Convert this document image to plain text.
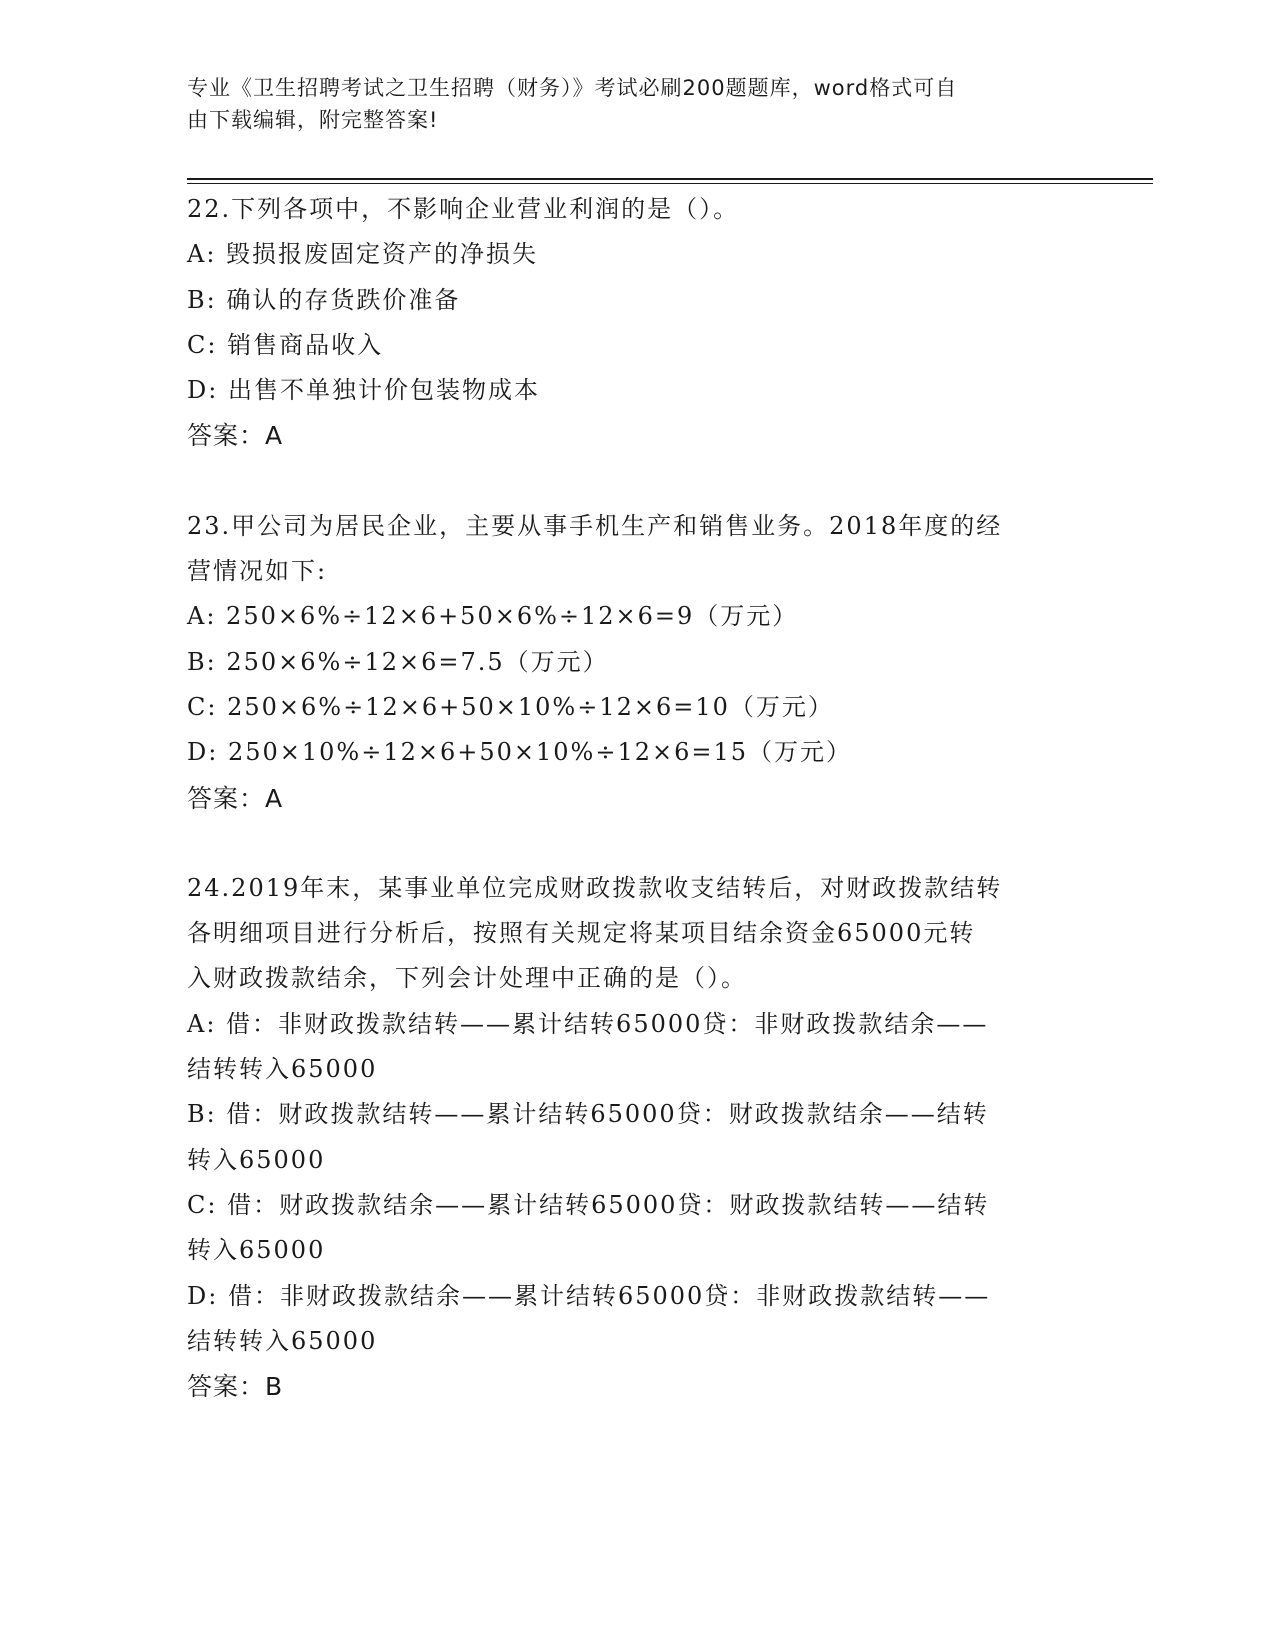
专业《卫生招聘考试之卫生招聘（财务）》考试必刷200题题库，word格式可自
由下载编辑，附完整答案!
22.下列各项中，不影响企业营业利润的是（）。
A: 毁损报废固定资产的净损失
B: 确认的存货跌价准备
C: 销售商品收入
D: 出售不单独计价包装物成本
答案：A
23.甲公司为居民企业，主要从事手机生产和销售业务。2018年度的经
营情况如下:
A: 250×6%÷12×6+50×6%÷12×6=9（万元）
B: 250×6%÷12×6=7.5（万元）
C: 250×6%÷12×6+50×10%÷12×6=10（万元）
D: 250×10%÷12×6+50×10%÷12×6=15（万元）
答案：A
24.2019年末，某事业单位完成财政拨款收支结转后，对财政拨款结转
各明细项目进行分析后，按照有关规定将某项目结余资金65000元转
入财政拨款结余，下列会计处理中正确的是（）。
A: 借：非财政拨款结转——累计结转65000贷：非财政拨款结余——
结转转入65000
B: 借：财政拨款结转——累计结转65000贷：财政拨款结余——结转
转入65000
C: 借：财政拨款结余——累计结转65000贷：财政拨款结转——结转
转入65000
D: 借：非财政拨款结余——累计结转65000贷：非财政拨款结转——
结转转入65000
答案：B
